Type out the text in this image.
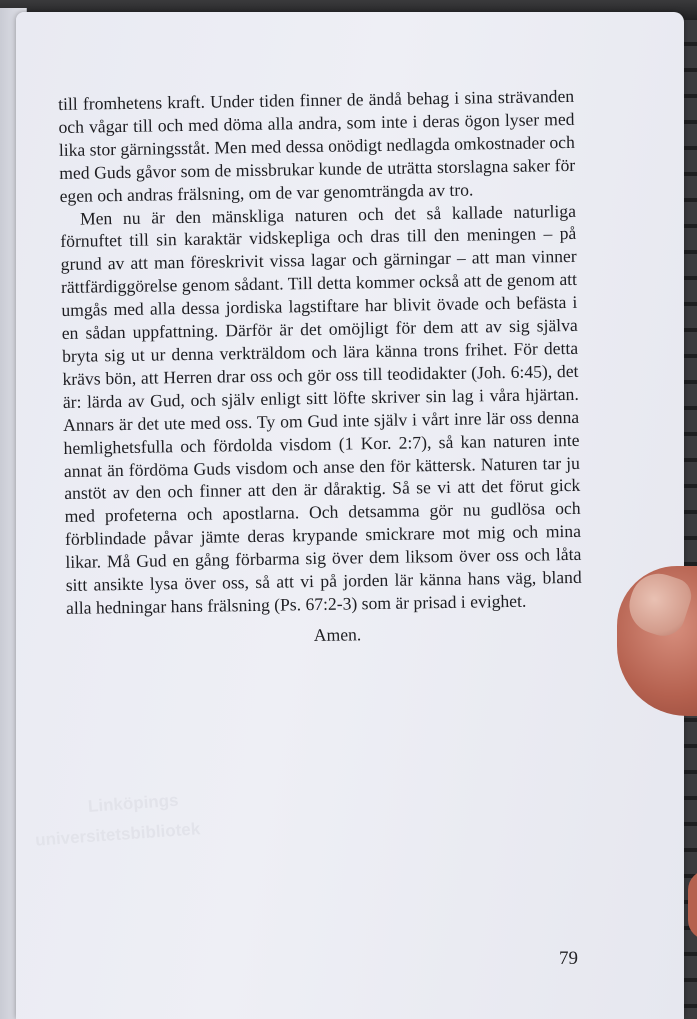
till fromhetens kraft. Under tiden finner de ändå behag i sina strävanden och vågar till och med döma alla andra, som inte i deras ögon lyser med lika stor gärningsståt. Men med dessa onödigt nedlagda omkostnader och med Guds gåvor som de missbrukar kunde de uträtta storslagna saker för egen och andras frälsning, om de var genomträngda av tro.

Men nu är den mänskliga naturen och det så kallade naturliga förnuftet till sin karaktär vidskepliga och dras till den meningen – på grund av att man föreskrivit vissa lagar och gärningar – att man vinner rättfärdiggörelse genom sådant. Till detta kommer också att de genom att umgås med alla dessa jordiska lagstiftare har blivit övade och befästa i en sådan uppfattning. Därför är det omöjligt för dem att av sig själva bryta sig ut ur denna verkträldom och lära känna trons frihet. För detta krävs bön, att Herren drar oss och gör oss till teodidakter (Joh. 6:45), det är: lärda av Gud, och själv enligt sitt löfte skriver sin lag i våra hjärtan. Annars är det ute med oss. Ty om Gud inte själv i vårt inre lär oss denna hemlighetsfulla och fördolda visdom (1 Kor. 2:7), så kan naturen inte annat än fördöma Guds visdom och anse den för kättersk. Naturen tar ju anstöt av den och finner att den är dåraktig. Så se vi att det förut gick med profeterna och apostlarna. Och detsamma gör nu gudlösa och förblindade påvar jämte deras krypande smickrare mot mig och mina likar. Må Gud en gång förbarma sig över dem liksom över oss och låta sitt ansikte lysa över oss, så att vi på jorden lär känna hans väg, bland alla hedningar hans frälsning (Ps. 67:2-3) som är prisad i evighet.

Amen.

Linköpings
universitetsbibliotek
79
